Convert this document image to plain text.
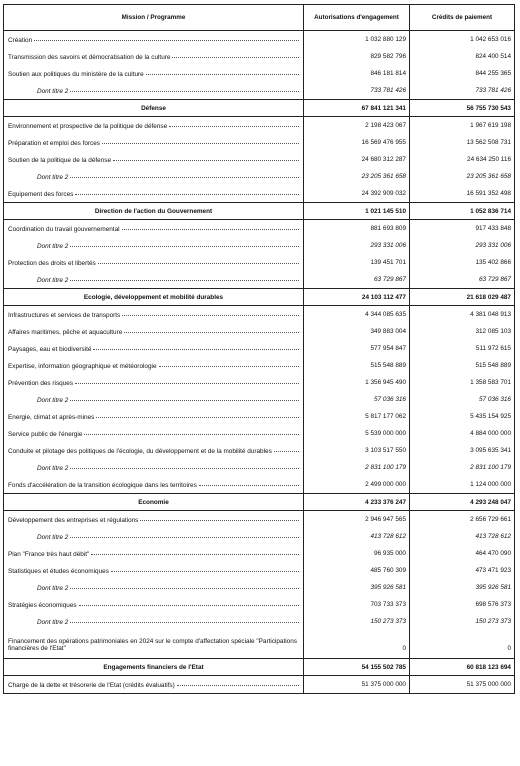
Mission / Programme	Autorisations d'engagement	Crédits de paiement

Création	1 032 880 129	1 042 653 016

Transmission des savoirs et démocratisation de la culture	829 582 796	824 400 514

Soutien aux politiques du ministère de la culture	846 181 814	844 255 365

Dont titre 2	733 781 426	733 781 426
Défense	67 841 121 341	56 755 730 543

Environnement et prospective de la politique de défense	2 198 423 067	1 967 619 198

Préparation et emploi des forces	16 569 476 955	13 562 508 731

Soutien de la politique de la défense	24 680 312 287	24 634 250 116

Dont titre 2	23 205 361 658	23 205 361 658

Equipement des forces	24 392 909 032	16 591 352 498
Direction de l'action du Gouvernement	1 021 145 510	1 052 836 714

Coordination du travail gouvernemental	881 693 809	917 433 848

Dont titre 2	293 331 006	293 331 006

Protection des droits et libertés	139 451 701	135 402 866

Dont titre 2	63 729 867	63 729 867
Ecologie, développement et mobilité durables	24 103 112 477	21 618 029 487

Infrastructures et services de transports	4 344 085 635	4 381 048 913

Affaires maritimes, pêche et aquaculture	349 883 004	312 085 103

Paysages, eau et biodiversité	577 954 847	511 972 615

Expertise, information géographique et météorologie	515 548 889	515 548 889

Prévention des risques	1 356 945 490	1 358 583 701

Dont titre 2	57 036 316	57 036 316

Energie, climat et après-mines	5 817 177 062	5 435 154 925

Service public de l'énergie	5 539 000 000	4 884 000 000

Conduite et pilotage des politiques de l'écologie, du développement et de la mobilité durables	3 103 517 550	3 095 635 341

Dont titre 2	2 831 100 179	2 831 100 179

Fonds d'accélération de la transition écologique dans les territoires	2 499 000 000	1 124 000 000
Economie	4 233 376 247	4 293 248 047

Développement des entreprises et régulations	2 946 947 565	2 656 729 661

Dont titre 2	413 728 612	413 728 612

Plan "France très haut débit"	96 935 000	464 470 090

Statistiques et études économiques	485 760 309	473 471 923

Dont titre 2	395 926 581	395 926 581

Stratégies économiques	703 733 373	698 576 373

Dont titre 2	150 273 373	150 273 373
Financement des opérations patrimoniales en 2024 sur le compte d'affectation spéciale "Participations financières de l'Etat"	0	0
Engagements financiers de l'Etat	54 155 502 785	60 818 123 694

Charge de la dette et trésorerie de l'Etat (crédits évaluatifs)	51 375 000 000	51 375 000 000
